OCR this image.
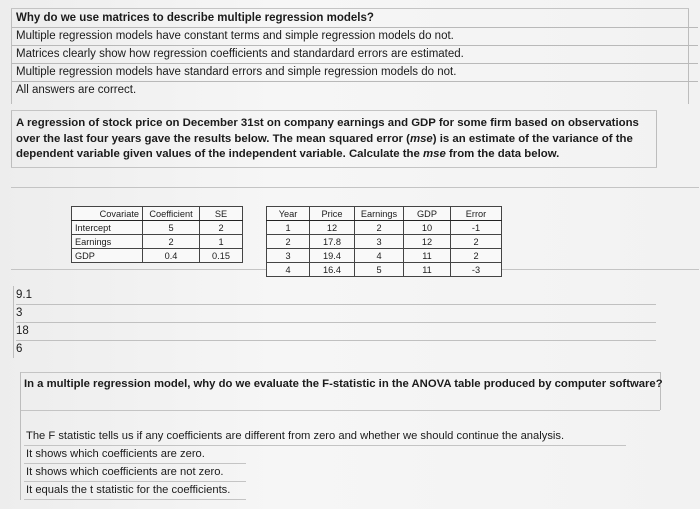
Why do we use matrices to describe multiple regression models?
Multiple regression models have constant terms and simple regression models do not.
Matrices clearly show how regression coefficients and standardard errors are estimated.
Multiple regression models have standard errors and simple regression models do not.
All answers are correct.
A regression of stock price on December 31st on company earnings and GDP for some firm based on observations over the last four years gave the results below. The mean squared error (mse) is an estimate of the variance of the dependent variable given values of the independent variable. Calculate the mse from the data below.
Covariate	Coefficient	SE
Intercept	5	2
Earnings	2	1
GDP	0.4	0.15
Year	Price	Earnings	GDP	Error
1	12	2	10	-1
2	17.8	3	12	2
3	19.4	4	11	2
4	16.4	5	11	-3
9.1
3
18
6
In a multiple regression model, why do we evaluate the F-statistic in the ANOVA table produced by computer software?
The F statistic tells us if any coefficients are different from zero and whether we should continue the analysis.
It shows which coefficients are zero.
It shows which coefficients are not zero.
It equals the t statistic for the coefficients.
